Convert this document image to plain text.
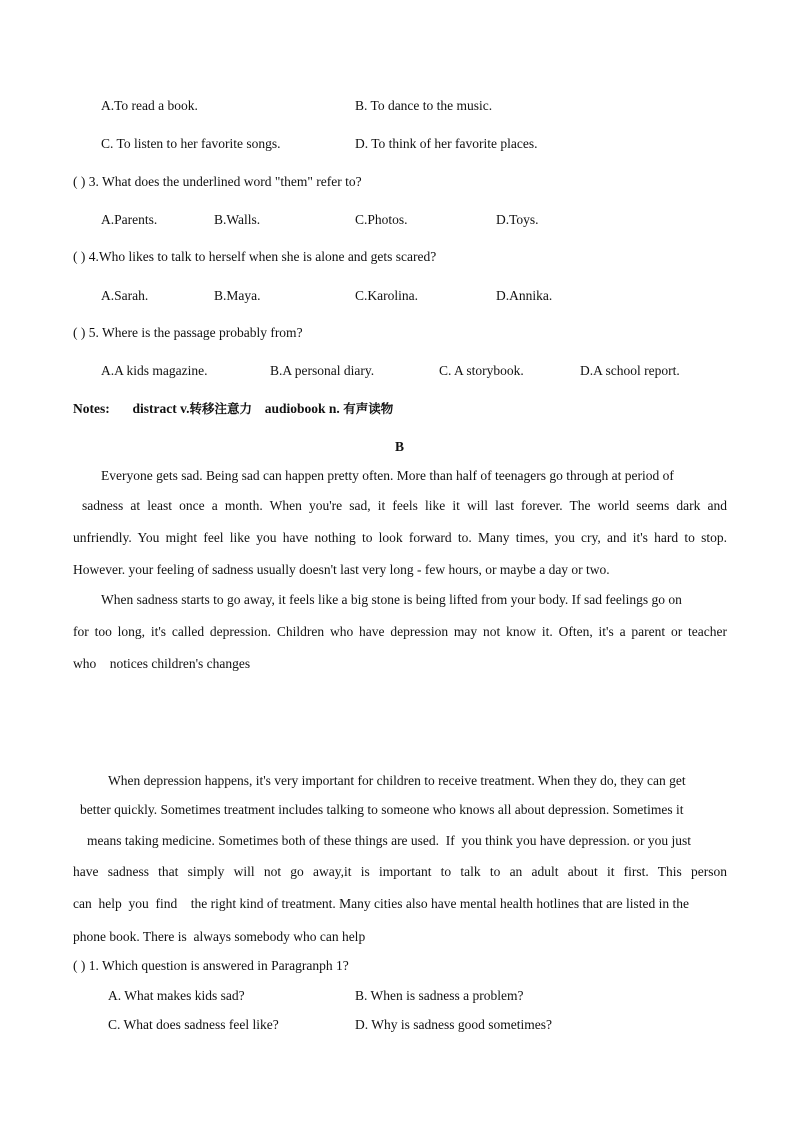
A.To read a book.	B. To dance to the music.
C. To listen to her favorite songs.	D. To think of her favorite places.
( ) 3. What does the underlined word "them" refer to?
A.Parents.	B.Walls.	C.Photos.	D.Toys.
( ) 4.Who likes to talk to herself when she is alone and gets scared?
A.Sarah.	B.Maya.	C.Karolina.	D.Annika.
( ) 5. Where is the passage probably from?
A.A kids magazine.	B.A personal diary.	C. A storybook.	D.A school report.
Notes: distract v.转移注意力 audiobook n. 有声读物
B
Everyone gets sad. Being sad can happen pretty often. More than half of teenagers go through at period of
sadness at least once a month. When you're sad, it feels like it will last forever. The world seems dark and
unfriendly. You might feel like you have nothing to look forward to. Many times, you cry, and it's hard to stop.
However. your feeling of sadness usually doesn't last very long - few hours, or maybe a day or two.
When sadness starts to go away, it feels like a big stone is being lifted from your body. If sad feelings go on
for too long, it's called depression. Children who have depression may not know it. Often, it's a parent or teacher
who    notices children's changes
When depression happens, it's very important for children to receive treatment. When they do, they can get
better quickly. Sometimes treatment includes talking to someone who knows all about depression. Sometimes it
means taking medicine. Sometimes both of these things are used.  If  you think you have depression. or you just
have sadness that simply will not go away,it is important to talk to an adult about it first. This person
can  help  you  find    the right kind of treatment. Many cities also have mental health hotlines that are listed in the
phone book. There is  always somebody who can help
( ) 1. Which question is answered in Paragranph 1?
A. What makes kids sad?	B. When is sadness a problem?
C. What does sadness feel like?	D. Why is sadness good sometimes?
